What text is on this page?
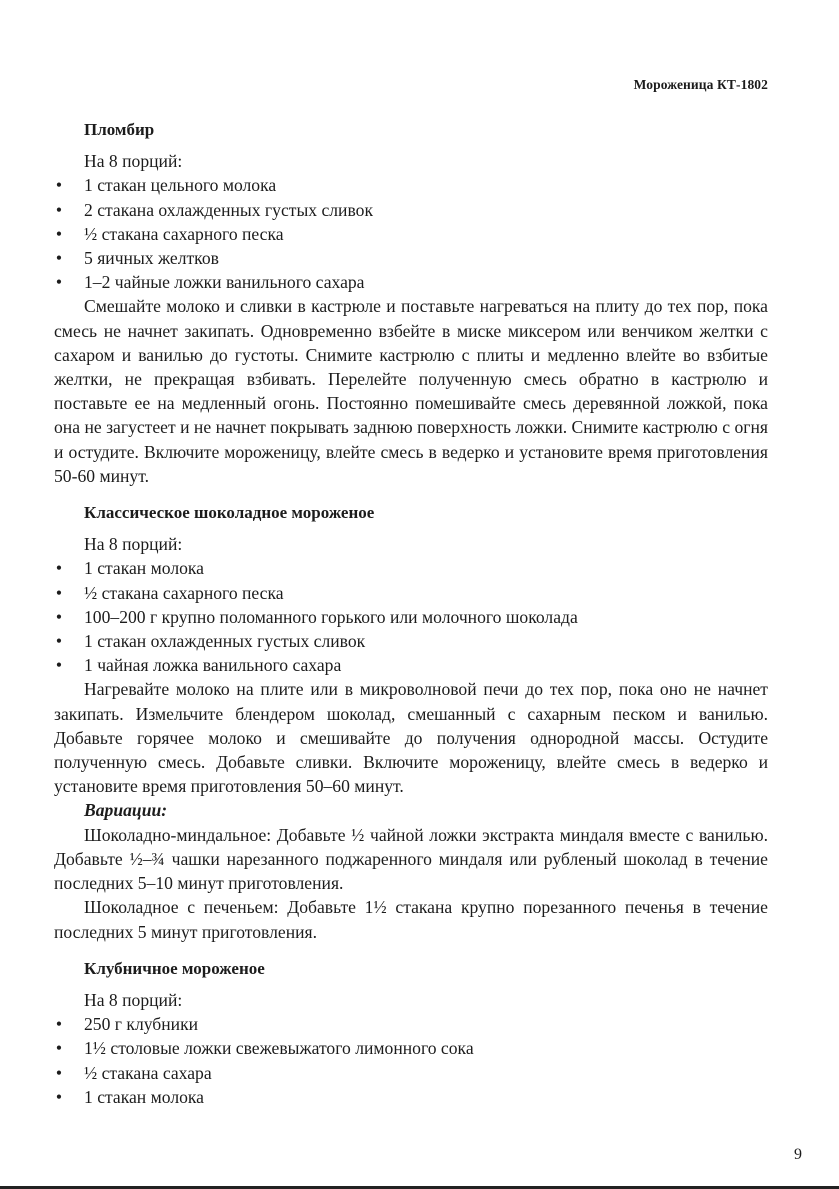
Мороженица КТ-1802
Пломбир
На 8 порций:
• 1 стакан цельного молока
• 2 стакана охлажденных густых сливок
• ½ стакана сахарного песка
• 5 яичных желтков
• 1–2 чайные ложки ванильного сахара

Смешайте молоко и сливки в кастрюле и поставьте нагреваться на плиту до тех пор, пока смесь не начнет закипать. Одновременно взбейте в миске миксером или венчиком желтки с сахаром и ванилью до густоты. Снимите кастрюлю с плиты и медленно влейте во взбитые желтки, не прекращая взбивать. Перелейте полученную смесь обратно в кастрюлю и поставьте ее на медленный огонь. Постоянно помешивайте смесь деревянной ложкой, пока она не загустеет и не начнет покрывать заднюю поверхность ложки. Снимите кастрюлю с огня и остудите. Включите мороженицу, влейте смесь в ведерко и установите время приготовления 50-60 минут.

Классическое шоколадное мороженое
На 8 порций:
• 1 стакан молока
• ½ стакана сахарного песка
• 100–200 г крупно поломанного горького или молочного шоколада
• 1 стакан охлажденных густых сливок
• 1 чайная ложка ванильного сахара

Нагревайте молоко на плите или в микроволновой печи до тех пор, пока оно не начнет закипать. Измельчите блендером шоколад, смешанный с сахарным песком и ванилью. Добавьте горячее молоко и смешивайте до получения однородной массы. Остудите полученную смесь. Добавьте сливки. Включите мороженицу, влейте смесь в ведерко и установите время приготовления 50–60 минут.

Вариации:

Шоколадно-миндальное: Добавьте ½ чайной ложки экстракта миндаля вместе с ванилью. Добавьте ½–¾ чашки нарезанного поджаренного миндаля или рубленый шоколад в течение последних 5–10 минут приготовления.

Шоколадное с печеньем: Добавьте 1½ стакана крупно порезанного печенья в течение последних 5 минут приготовления.

Клубничное мороженое
На 8 порций:
• 250 г клубники
• 1½ столовые ложки свежевыжатого лимонного сока
• ½ стакана сахара
• 1 стакан молока
9
